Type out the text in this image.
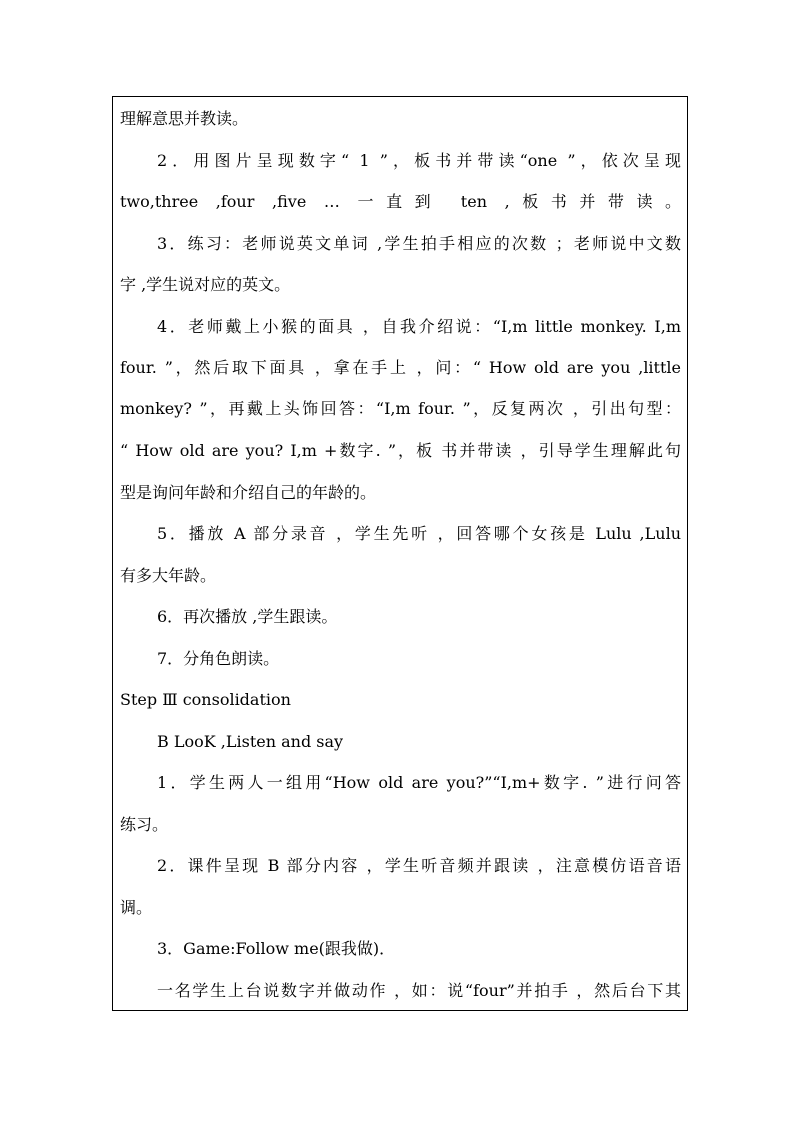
理解意思并教读。
2．用图片呈现数字“ 1 ”，板书并带读“one ”，依次呈现
two,three ,four ,five … 一直到 ten ,板书并带读。
3．练习：老师说英文单词 ,学生拍手相应的次数 ；老师说中文数
字 ,学生说对应的英文。
4．老师戴上小猴的面具 ，自我介绍说：“I,m little monkey. I,m
four. ”，然后取下面具 ，拿在手上 ，问：“ How old are you ,little
monkey? ”，再戴上头饰回答：“I,m four. ”，反复两次 ，引出句型：
“ How old are you? I,m +数字. ”，板 书并带读 ，引导学生理解此句
型是询问年龄和介绍自己的年龄的。
5．播放 A 部分录音 ，学生先听 ，回答哪个女孩是 Lulu ,Lulu
有多大年龄。
6．再次播放 ,学生跟读。
7．分角色朗读。
Step Ⅲ consolidation
B LooK ,Listen and say
1．学生两人一组用“How old are you?”“I,m+数字. ”进行问答
练习。
2．课件呈现 B 部分内容 ，学生听音频并跟读 ，注意模仿语音语
调。
3．Game:Follow me(跟我做)．
一名学生上台说数字并做动作 ，如：说“four”并拍手 ，然后台下其
